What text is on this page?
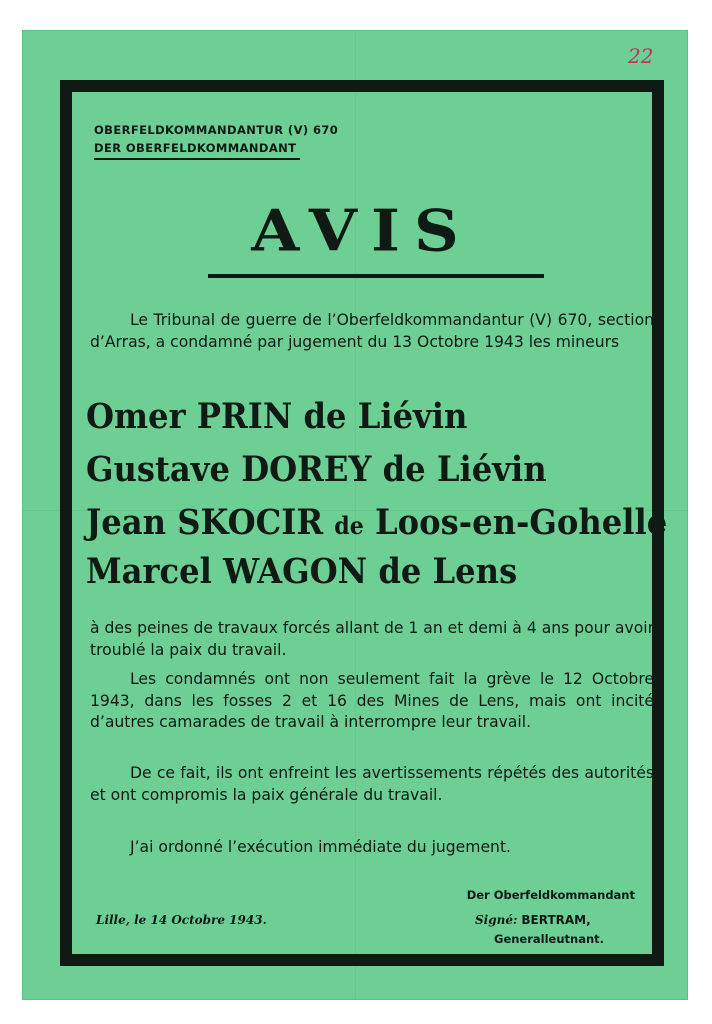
22
OBERFELDKOMMANDANTUR (V) 670
DER OBERFELDKOMMANDANT
AVIS
Le Tribunal de guerre de l’Oberfeldkommandantur (V) 670, section d’Arras, a condamné par jugement du 13 Octobre 1943 les mineurs
Omer PRIN de Liévin
Gustave DOREY de Liévin
Jean SKOCIR de Loos-en-Gohelle
Marcel WAGON de Lens
à des peines de travaux forcés allant de 1 an et demi à 4 ans pour avoir troublé la paix du travail.
Les condamnés ont non seulement fait la grève le 12 Octobre 1943, dans les fosses 2 et 16 des Mines de Lens, mais ont incité d’autres camarades de travail à interrompre leur travail.
De ce fait, ils ont enfreint les avertissements répétés des autorités et ont compromis la paix générale du travail.
J’ai ordonné l’exécution immédiate du jugement.
Der Oberfeldkommandant
Lille, le 14 Octobre 1943.	Signé: BERTRAM,
Generalleutnant.
